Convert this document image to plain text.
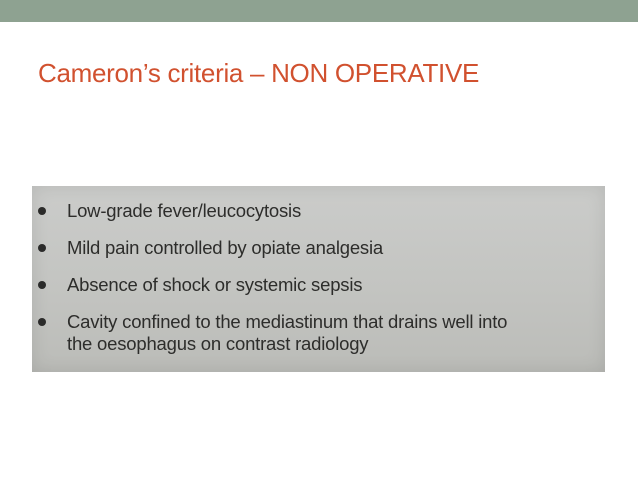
Cameron’s criteria – NON OPERATIVE
Low-grade fever/leucocytosis
Mild pain controlled by opiate analgesia
Absence of shock or systemic sepsis
Cavity confined to the mediastinum that drains well into
the oesophagus on contrast radiology
